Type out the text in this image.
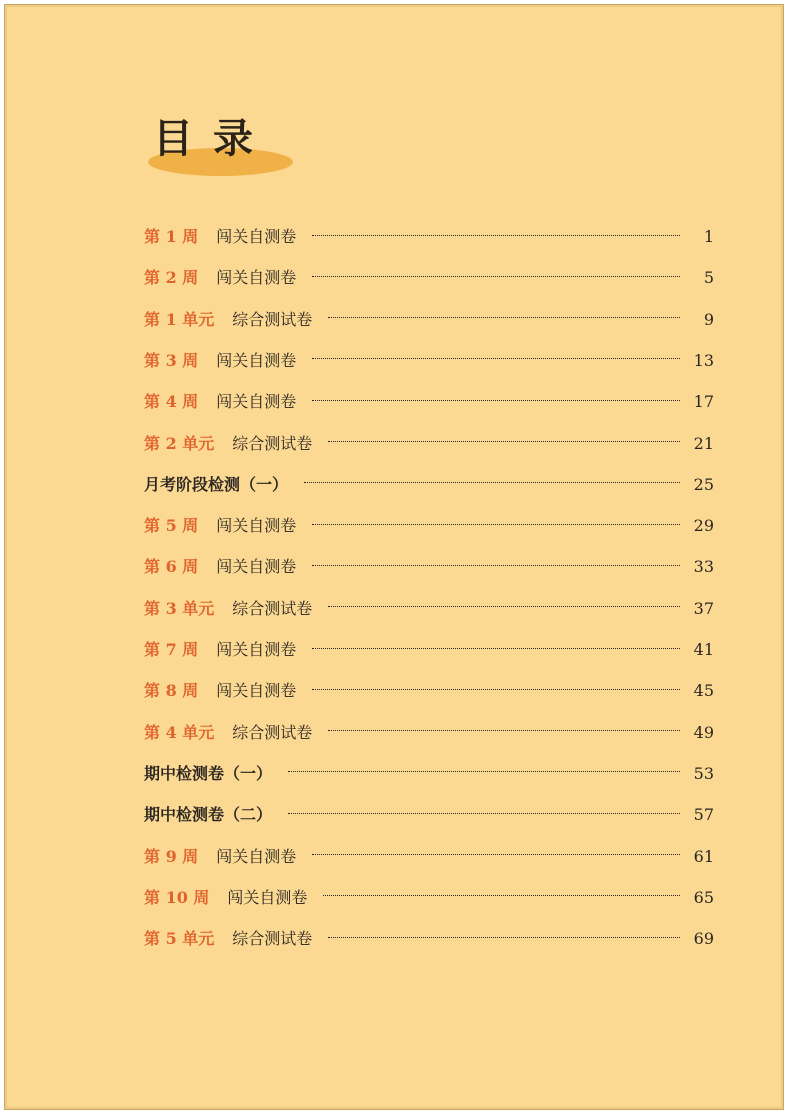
目录
第 1 周 闯关自测卷	1
第 2 周 闯关自测卷	5
第 1 单元 综合测试卷	9
第 3 周 闯关自测卷	13
第 4 周 闯关自测卷	17
第 2 单元 综合测试卷	21
月考阶段检测（一）	25
第 5 周 闯关自测卷	29
第 6 周 闯关自测卷	33
第 3 单元 综合测试卷	37
第 7 周 闯关自测卷	41
第 8 周 闯关自测卷	45
第 4 单元 综合测试卷	49
期中检测卷（一）	53
期中检测卷（二）	57
第 9 周 闯关自测卷	61
第 10 周 闯关自测卷	65
第 5 单元 综合测试卷	69
